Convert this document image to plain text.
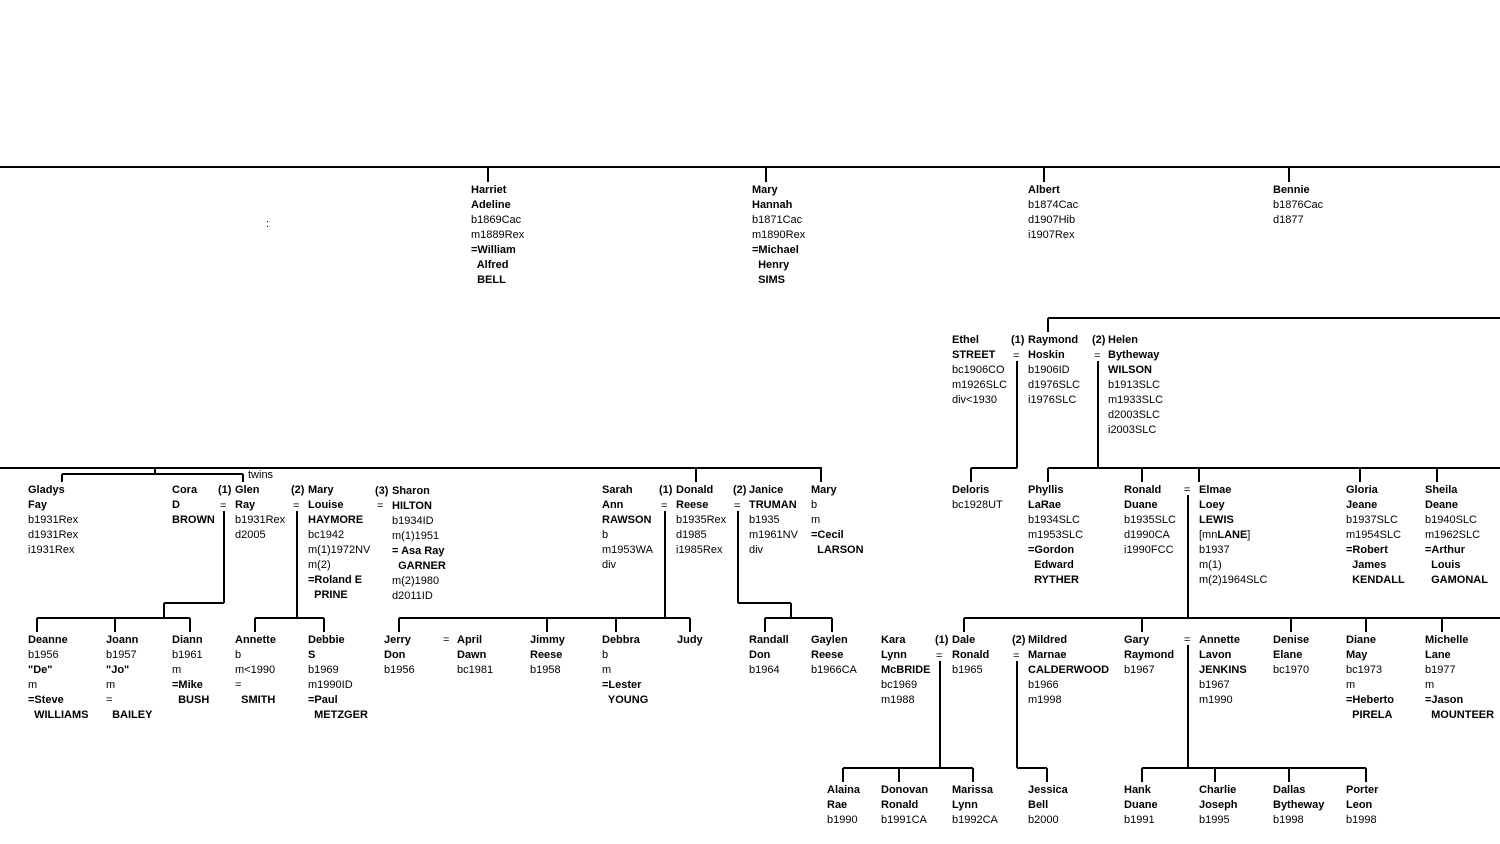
Harriet
Adeline
b1869Cac
m1889Rex
=William
Alfred
BELL
Mary
Hannah
b1871Cac
m1890Rex
=Michael
Henry
SIMS
Albert
b1874Cac
d1907Hib
i1907Rex
Bennie
b1876Cac
d1877
:
Ethel
STREET
bc1906CO
m1926SLC
div<1930
(1)
=
Raymond
Hoskin
b1906ID
d1976SLC
i1976SLC
(2)
=
Helen
Bytheway
WILSON
b1913SLC
m1933SLC
d2003SLC
i2003SLC
twins
Gladys
Fay
b1931Rex
d1931Rex
i1931Rex
Cora
D
BROWN
(1)
=
Glen
Ray
b1931Rex
d2005
(2)
=
Mary
Louise
HAYMORE
bc1942
m(1)1972NV
m(2)
=Roland E
PRINE
(3)
=
Sharon
HILTON
b1934ID
m(1)1951
= Asa Ray
GARNER
m(2)1980
d2011ID
Sarah
Ann
RAWSON
b
m1953WA
div
(1)
=
Donald
Reese
b1935Rex
d1985
i1985Rex
(2)
=
Janice
TRUMAN
b1935
m1961NV
div
Mary
b
m
=Cecil
LARSON
Deloris
bc1928UT
Phyllis
LaRae
b1934SLC
m1953SLC
=Gordon
Edward
RYTHER
Ronald
Duane
b1935SLC
d1990CA
i1990FCC
= Elmae
Loey
LEWIS
[mnLANE]
b1937
m(1)
m(2)1964SLC
Gloria
Jeane
b1937SLC
m1954SLC
=Robert
James
KENDALL
Sheila
Deane
b1940SLC
m1962SLC
=Arthur
Louis
GAMONAL
Deanne
b1956
"De"
m
=Steve
WILLIAMS
Joann
b1957
"Jo"
m
=
BAILEY
Diann
b1961
m
=Mike
BUSH
Annette
b
m<1990
=
SMITH
Debbie
S
b1969
m1990ID
=Paul
METZGER
Jerry
Don
b1956
= April
Dawn
bc1981
Jimmy
Reese
b1958
Debbra
b
m
=Lester
YOUNG
Judy	Randall
Don
b1964
Gaylen
Reese
b1966CA
Kara
Lynn
McBRIDE
bc1969
m1988
(1)
=
Dale
Ronald
b1965
(2)
=
Mildred
Marnae
CALDERWOOD
b1966
m1998
Gary
Raymond
b1967
= Annette
Lavon
JENKINS
b1967
m1990
Denise
Elane
bc1970
Diane
May
bc1973
m
=Heberto
PIRELA
Michelle
Lane
b1977
m
=Jason
MOUNTEER
Alaina
Rae
b1990
Donovan
Ronald
b1991CA
Marissa
Lynn
b1992CA
Jessica
Bell
b2000
Hank
Duane
b1991
Charlie
Joseph
b1995
Dallas
Bytheway
b1998
Porter
Leon
b1998
